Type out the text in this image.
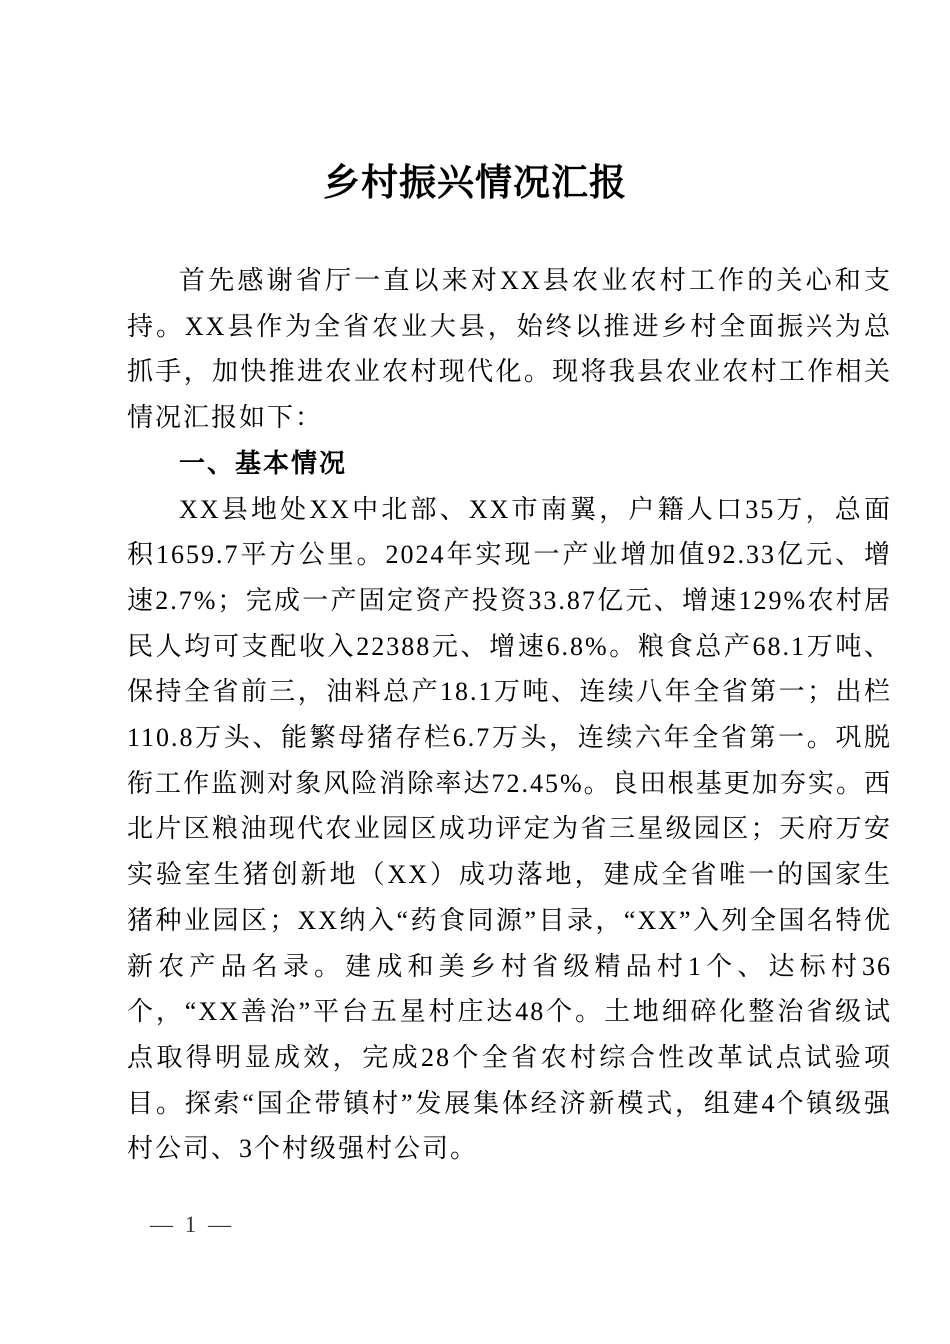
乡村振兴情况汇报

首先感谢省厅一直以来对XX县农业农村工作的关心和支持。XX县作为全省农业大县，始终以推进乡村全面振兴为总抓手，加快推进农业农村现代化。现将我县农业农村工作相关情况汇报如下：

一、基本情况

XX县地处XX中北部、XX市南翼，户籍人口35万，总面积1659.7平方公里。2024年实现一产业增加值92.33亿元、增速2.7%；完成一产固定资产投资33.87亿元、增速129%农村居民人均可支配收入22388元、增速6.8%。粮食总产68.1万吨、保持全省前三，油料总产18.1万吨、连续八年全省第一；出栏110.8万头、能繁母猪存栏6.7万头，连续六年全省第一。巩脱衔工作监测对象风险消除率达72.45%。良田根基更加夯实。西北片区粮油现代农业园区成功评定为省三星级园区；天府万安实验室生猪创新地（XX）成功落地，建成全省唯一的国家生猪种业园区；XX纳入“药食同源”目录，“XX”入列全国名特优新农产品名录。建成和美乡村省级精品村1个、达标村36个，“XX善治”平台五星村庄达48个。土地细碎化整治省级试点取得明显成效，完成28个全省农村综合性改革试点试验项目。探索“国企带镇村”发展集体经济新模式，组建4个镇级强村公司、3个村级强村公司。

— 1 —
